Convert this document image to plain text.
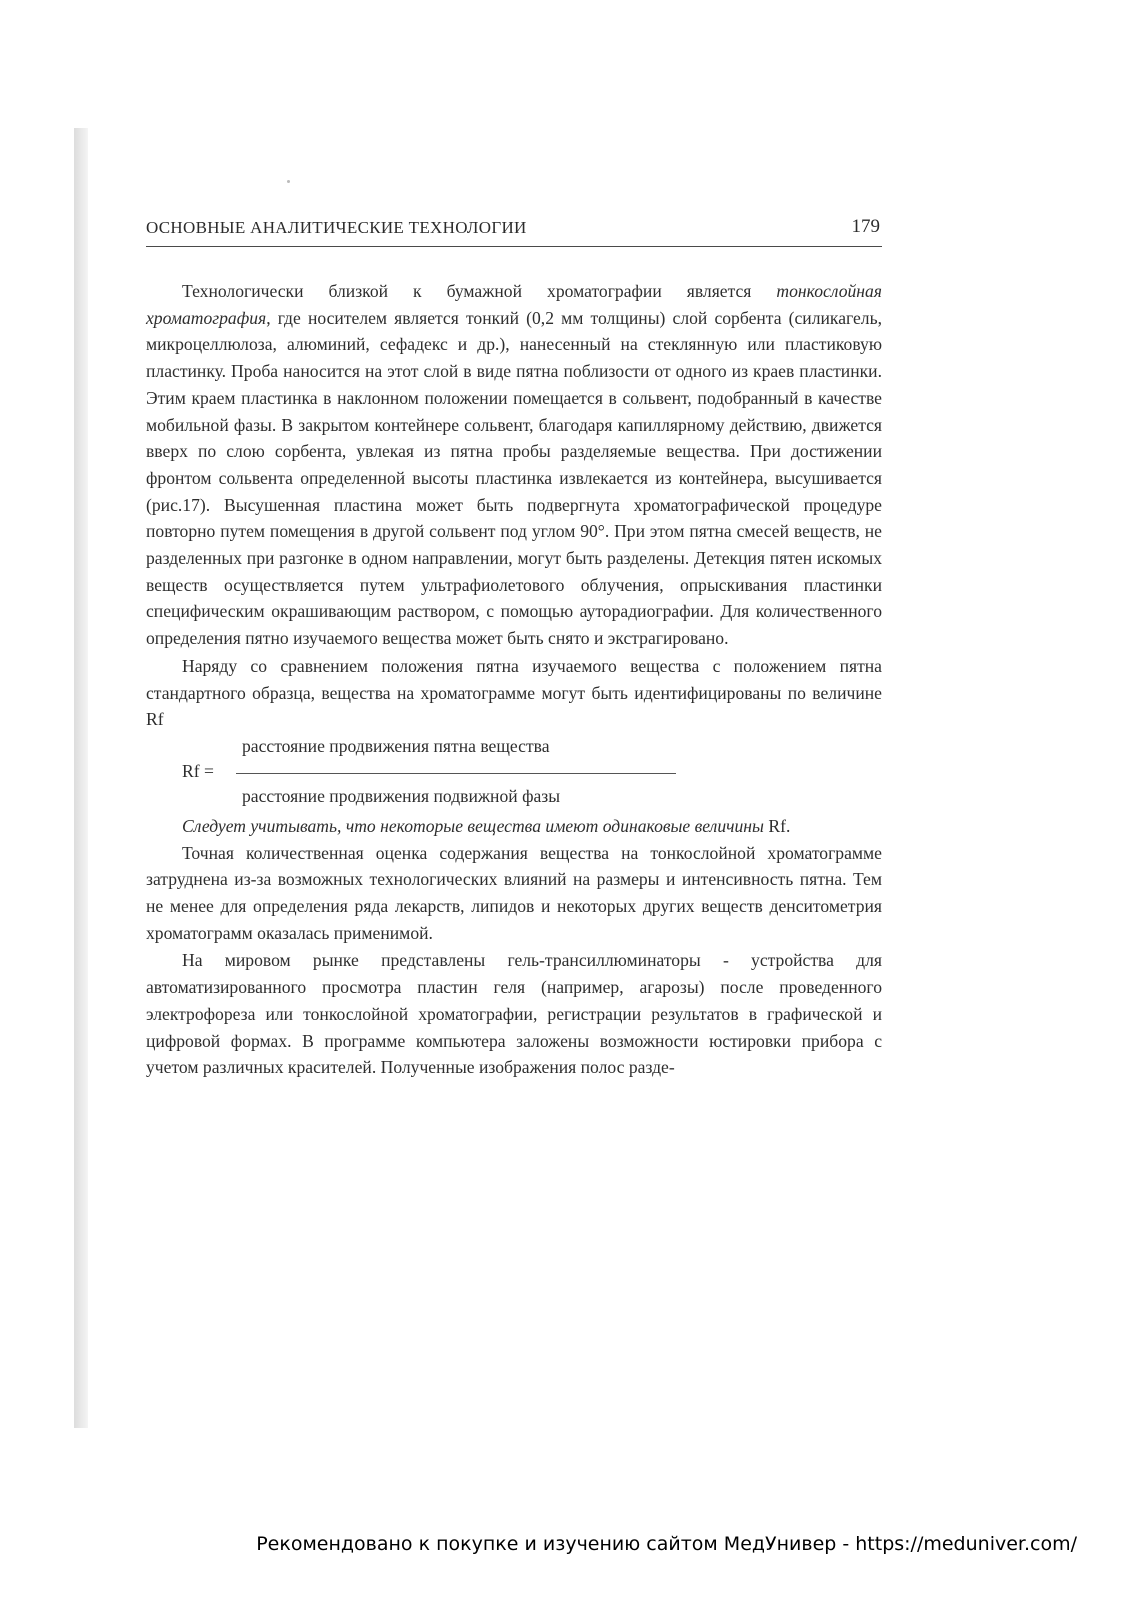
ОСНОВНЫЕ АНАЛИТИЧЕСКИЕ ТЕХНОЛОГИИ	179

Технологически близкой к бумажной хроматографии является тонкослойная хроматография, где носителем является тонкий (0,2 мм толщины) слой сорбента (силикагель, микроцеллюлоза, алюминий, сефадекс и др.), нанесенный на стеклянную или пластиковую пластинку. Проба наносится на этот слой в виде пятна поблизости от одного из краев пластинки. Этим краем пластинка в наклонном положении помещается в сольвент, подобранный в качестве мобильной фазы. В закрытом контейнере сольвент, благодаря капиллярному действию, движется вверх по слою сорбента, увлекая из пятна пробы разделяемые вещества. При достижении фронтом сольвента определенной высоты пластинка извлекается из контейнера, высушивается (рис.17). Высушенная пластина может быть подвергнута хроматографической процедуре повторно путем помещения в другой сольвент под углом 90°. При этом пятна смесей веществ, не разделенных при разгонке в одном направлении, могут быть разделены. Детекция пятен искомых веществ осуществляется путем ультрафиолетового облучения, опрыскивания пластинки специфическим окрашивающим раствором, с помощью ауторадиографии. Для количественного определения пятно изучаемого вещества может быть снято и экстрагировано.

Наряду со сравнением положения пятна изучаемого вещества с положением пятна стандартного образца, вещества на хроматограмме могут быть идентифицированы по величине Rf

Rf =
расстояние продвижения пятна вещества
расстояние продвижения подвижной фазы

Следует учитывать, что некоторые вещества имеют одинаковые величины Rf.

Точная количественная оценка содержания вещества на тонкослойной хроматограмме затруднена из-за возможных технологических влияний на размеры и интенсивность пятна. Тем не менее для определения ряда лекарств, липидов и некоторых других веществ денситометрия хроматограмм оказалась применимой.

На мировом рынке представлены гель-трансиллюминаторы - устройства для автоматизированного просмотра пластин геля (например, агарозы) после проведенного электрофореза или тонкослойной хроматографии, регистрации результатов в графической и цифровой формах. В программе компьютера заложены возможности юстировки прибора с учетом различных красителей. Полученные изображения полос разде-

Рекомендовано к покупке и изучению сайтом МедУнивер - https://meduniver.com/
